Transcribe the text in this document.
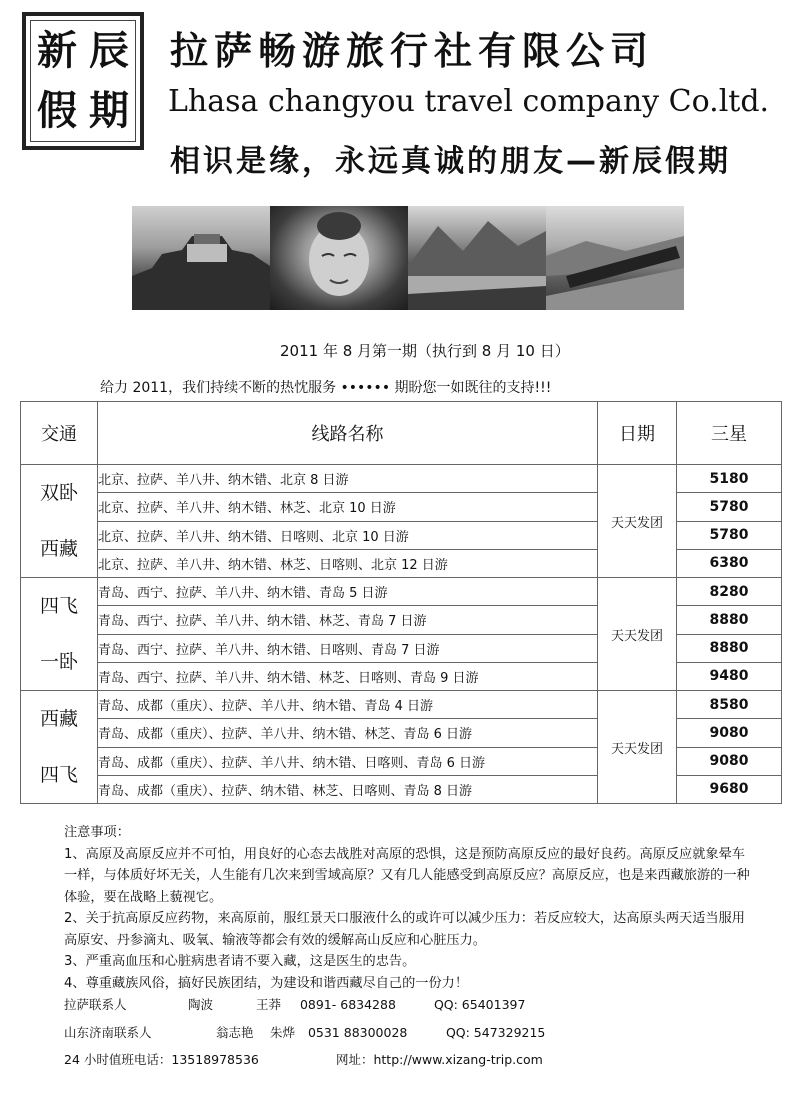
新 辰
假 期
拉萨畅游旅行社有限公司
Lhasa changyou travel company Co.ltd.
相识是缘，永远真诚的朋友—新辰假期
2011 年 8 月第一期（执行到 8 月 10 日）
给力 2011，我们持续不断的热忱服务 •••••• 期盼您一如既往的支持!!!
交通	线路名称	日期	三星

双卧
西藏	北京、拉萨、羊八井、纳木错、北京 8 日游	天天发团	5180
	北京、拉萨、羊八井、纳木错、林芝、北京 10 日游		5780
	北京、拉萨、羊八井、纳木错、日喀则、北京 10 日游		5780
	北京、拉萨、羊八井、纳木错、林芝、日喀则、北京 12 日游		6380

四飞
一卧	青岛、西宁、拉萨、羊八井、纳木错、青岛 5 日游	天天发团	8280
	青岛、西宁、拉萨、羊八井、纳木错、林芝、青岛 7 日游		8880
	青岛、西宁、拉萨、羊八井、纳木错、日喀则、青岛 7 日游		8880
	青岛、西宁、拉萨、羊八井、纳木错、林芝、日喀则、青岛 9 日游		9480

西藏
四飞	青岛、成都（重庆）、拉萨、羊八井、纳木错、青岛 4 日游	天天发团	8580
	青岛、成都（重庆）、拉萨、羊八井、纳木错、林芝、青岛 6 日游		9080
	青岛、成都（重庆）、拉萨、羊八井、纳木错、日喀则、青岛 6 日游		9080
	青岛、成都（重庆）、拉萨、纳木错、林芝、日喀则、青岛 8 日游		9680

注意事项：

1、高原及高原反应并不可怕，用良好的心态去战胜对高原的恐惧，这是预防高原反应的最好良药。高原反应就象晕车一样，与体质好坏无关，人生能有几次来到雪域高原？又有几人能感受到高原反应？高原反应，也是来西藏旅游的一种体验，要在战略上藐视它。

2、关于抗高原反应药物，来高原前，服红景天口服液什么的或许可以减少压力：若反应较大，达高原头两天适当服用高原安、丹参滴丸、吸氧、输液等都会有效的缓解高山反应和心脏压力。

3、严重高血压和心脏病患者请不要入藏，这是医生的忠告。

4、尊重藏族风俗，搞好民族团结，为建设和谐西藏尽自己的一份力！

拉萨联系人	陶波	王莽 0891- 6834288	QQ: 65401397

山东济南联系人	翁志艳 朱烨 0531 88300028	QQ: 547329215

24 小时值班电话：13518978536	网址：http://www.xizang-trip.com
